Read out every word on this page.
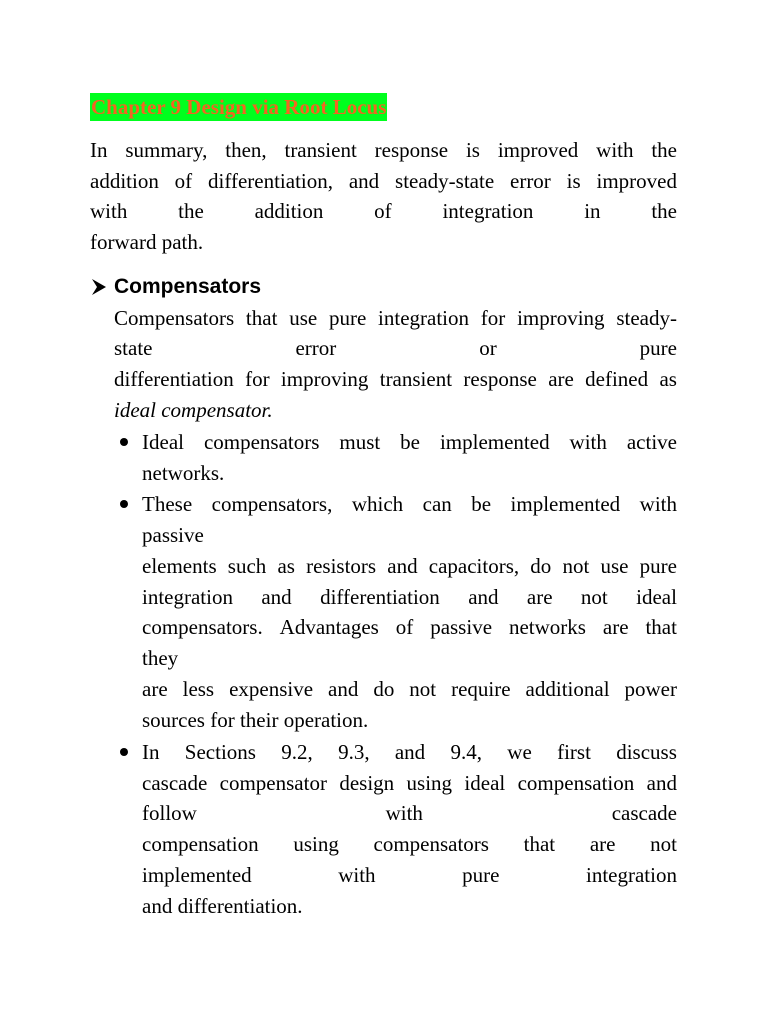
Chapter 9 Design via Root Locus
In summary, then, transient response is improved with the
addition of differentiation, and steady-state error is improved
with the addition of integration in the
forward path.
Compensators
Compensators that use pure integration for improving steady-
state	error	or	pure
differentiation for improving transient response are defined as
ideal compensator.
Ideal compensators must be implemented with active
networks.
These compensators, which can be implemented with
passive
elements such as resistors and capacitors, do not use pure
integration and differentiation and are not ideal
compensators. Advantages of passive networks are that
they
are less expensive and do not require additional power
sources for their operation.
In Sections 9.2, 9.3, and 9.4, we first discuss
cascade compensator design using ideal compensation and
follow	with	cascade
compensation using compensators that are not
implemented	with	pure	integration
and differentiation.
